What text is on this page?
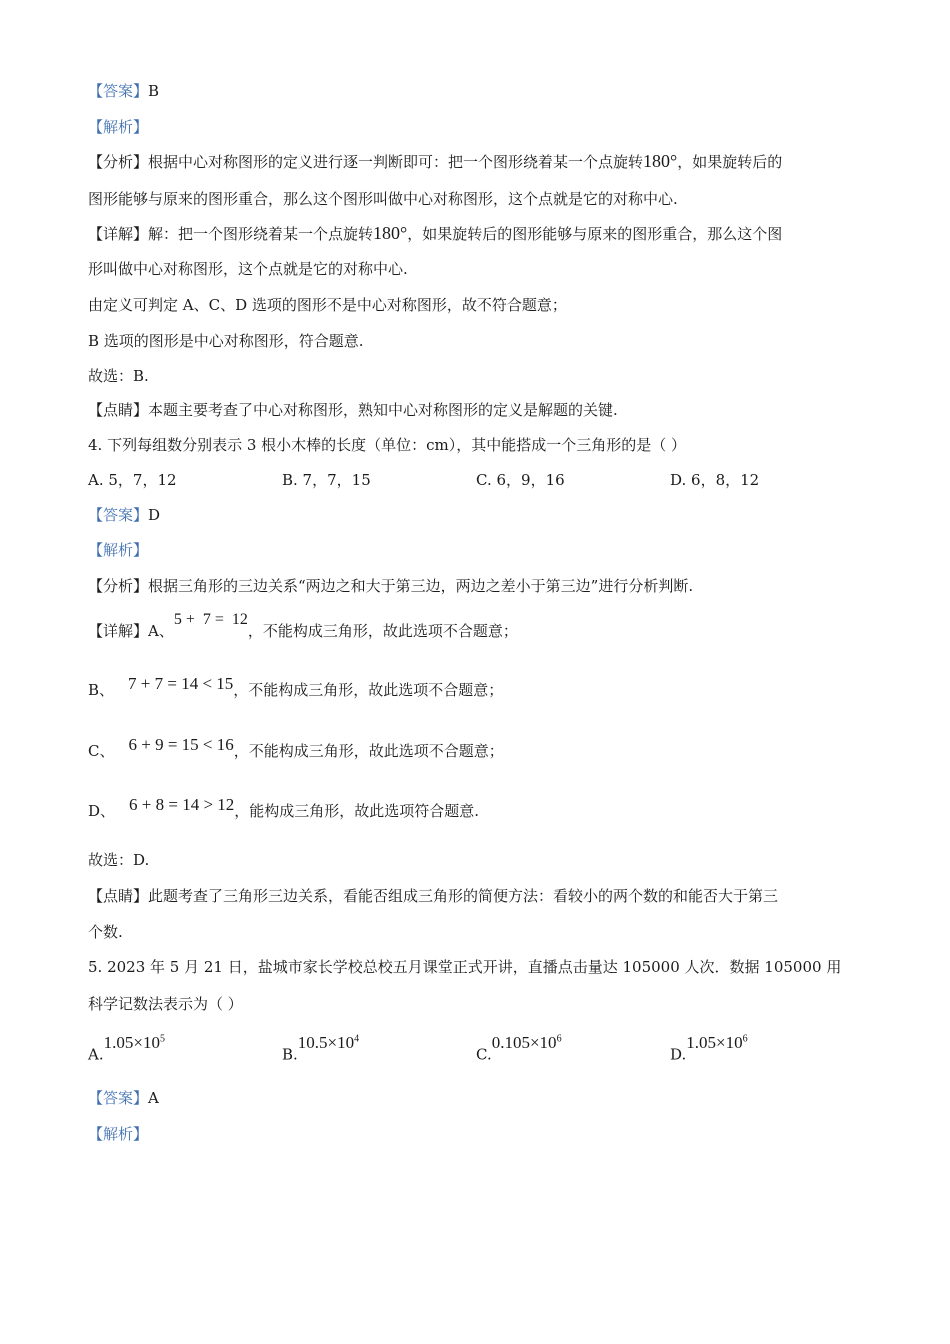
【答案】B
【解析】
【分析】根据中心对称图形的定义进行逐一判断即可：把一个图形绕着某一个点旋转180°，如果旋转后的
图形能够与原来的图形重合，那么这个图形叫做中心对称图形，这个点就是它的对称中心.
【详解】解：把一个图形绕着某一个点旋转180°，如果旋转后的图形能够与原来的图形重合，那么这个图
形叫做中心对称图形，这个点就是它的对称中心.
由定义可判定 A、C、D 选项的图形不是中心对称图形，故不符合题意；
B 选项的图形是中心对称图形，符合题意.
故选：B.
【点睛】本题主要考查了中心对称图形，熟知中心对称图形的定义是解题的关键.
4. 下列每组数分别表示 3 根小木棒的长度（单位：cm），其中能搭成一个三角形的是（ ）
A. 5，7，12	B. 7，7，15	C. 6，9，16	D. 6，8，12
【答案】D
【解析】
【分析】根据三角形的三边关系“两边之和大于第三边，两边之差小于第三边”进行分析判断.
【详解】A、5 +  7 =  12，不能构成三角形，故此选项不合题意；
B、 7 + 7 = 14 < 15，不能构成三角形，故此选项不合题意；
C、 6 + 9 = 15 < 16，不能构成三角形，故此选项不合题意；
D、 6 + 8 = 14 > 12，能构成三角形，故此选项符合题意.
故选：D.
【点睛】此题考查了三角形三边关系，看能否组成三角形的简便方法：看较小的两个数的和能否大于第三
个数.
5. 2023 年 5 月 21 日，盐城市家长学校总校五月课堂正式开讲，直播点击量达 105000 人次．数据 105000 用
科学记数法表示为（ ）
$A.1.05\times 10^5$
$B.10.5\times 10^4$
$C.0.105\times 10^6$
$D.1.05\times 10^6$
【答案】A
【解析】
